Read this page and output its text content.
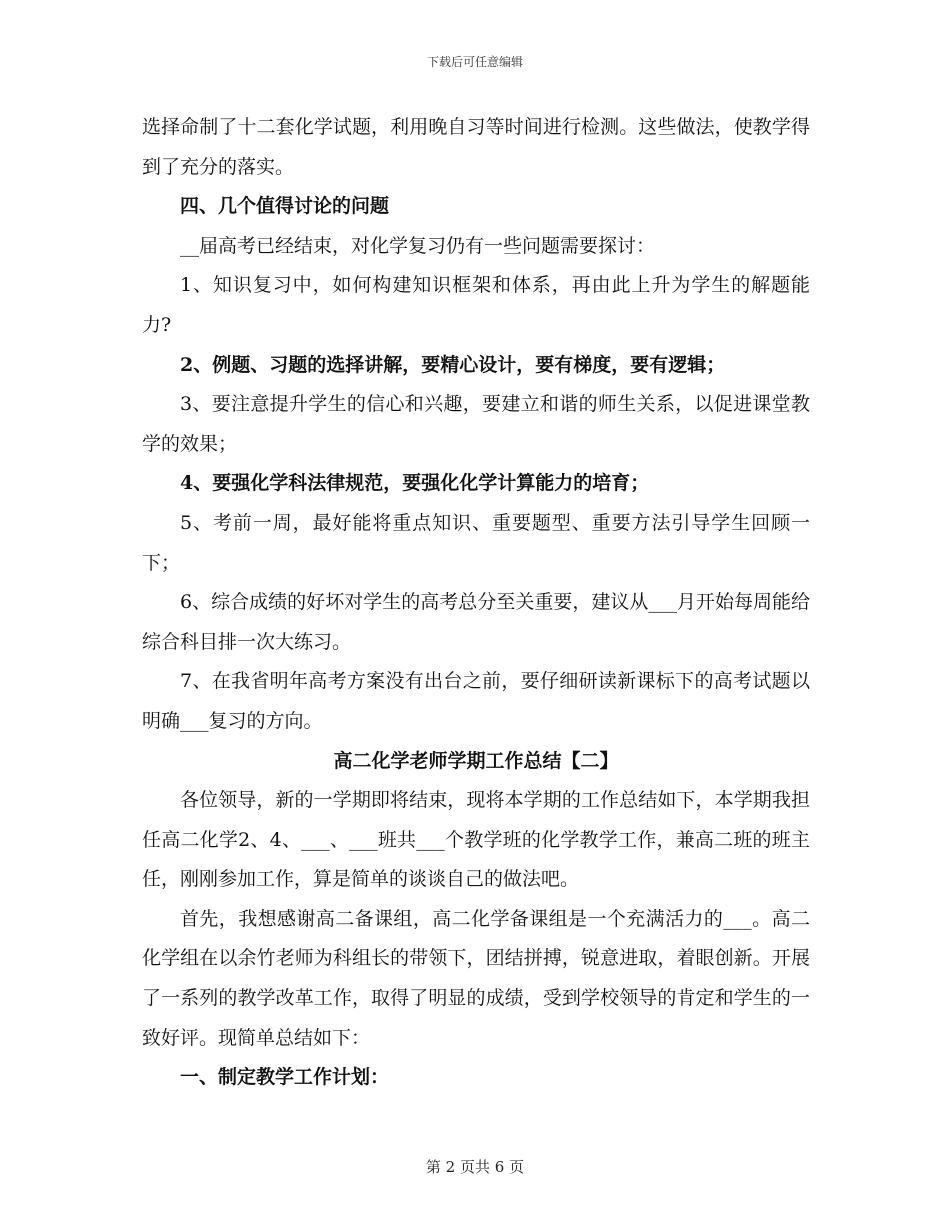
下载后可任意编辑

选择命制了十二套化学试题，利用晚自习等时间进行检测。这些做法，使教学得到了充分的落实。

四、几个值得讨论的问题

__届高考已经结束，对化学复习仍有一些问题需要探讨：

1、知识复习中，如何构建知识框架和体系，再由此上升为学生的解题能力?

2、例题、习题的选择讲解，要精心设计，要有梯度，要有逻辑；

3、要注意提升学生的信心和兴趣，要建立和谐的师生关系，以促进课堂教学的效果；

4、要强化学科法律规范，要强化化学计算能力的培育；

5、考前一周，最好能将重点知识、重要题型、重要方法引导学生回顾一下；

6、综合成绩的好坏对学生的高考总分至关重要，建议从___月开始每周能给综合科目排一次大练习。

7、在我省明年高考方案没有出台之前，要仔细研读新课标下的高考试题以明确___复习的方向。

高二化学老师学期工作总结【二】

各位领导，新的一学期即将结束，现将本学期的工作总结如下，本学期我担任高二化学2、4、___、___班共___个教学班的化学教学工作，兼高二班的班主任，刚刚参加工作，算是简单的谈谈自己的做法吧。

首先，我想感谢高二备课组，高二化学备课组是一个充满活力的___。高二化学组在以余竹老师为科组长的带领下，团结拼搏，锐意进取，着眼创新。开展了一系列的教学改革工作，取得了明显的成绩，受到学校领导的肯定和学生的一致好评。现简单总结如下：

一、制定教学工作计划：

第 2 页共 6 页
